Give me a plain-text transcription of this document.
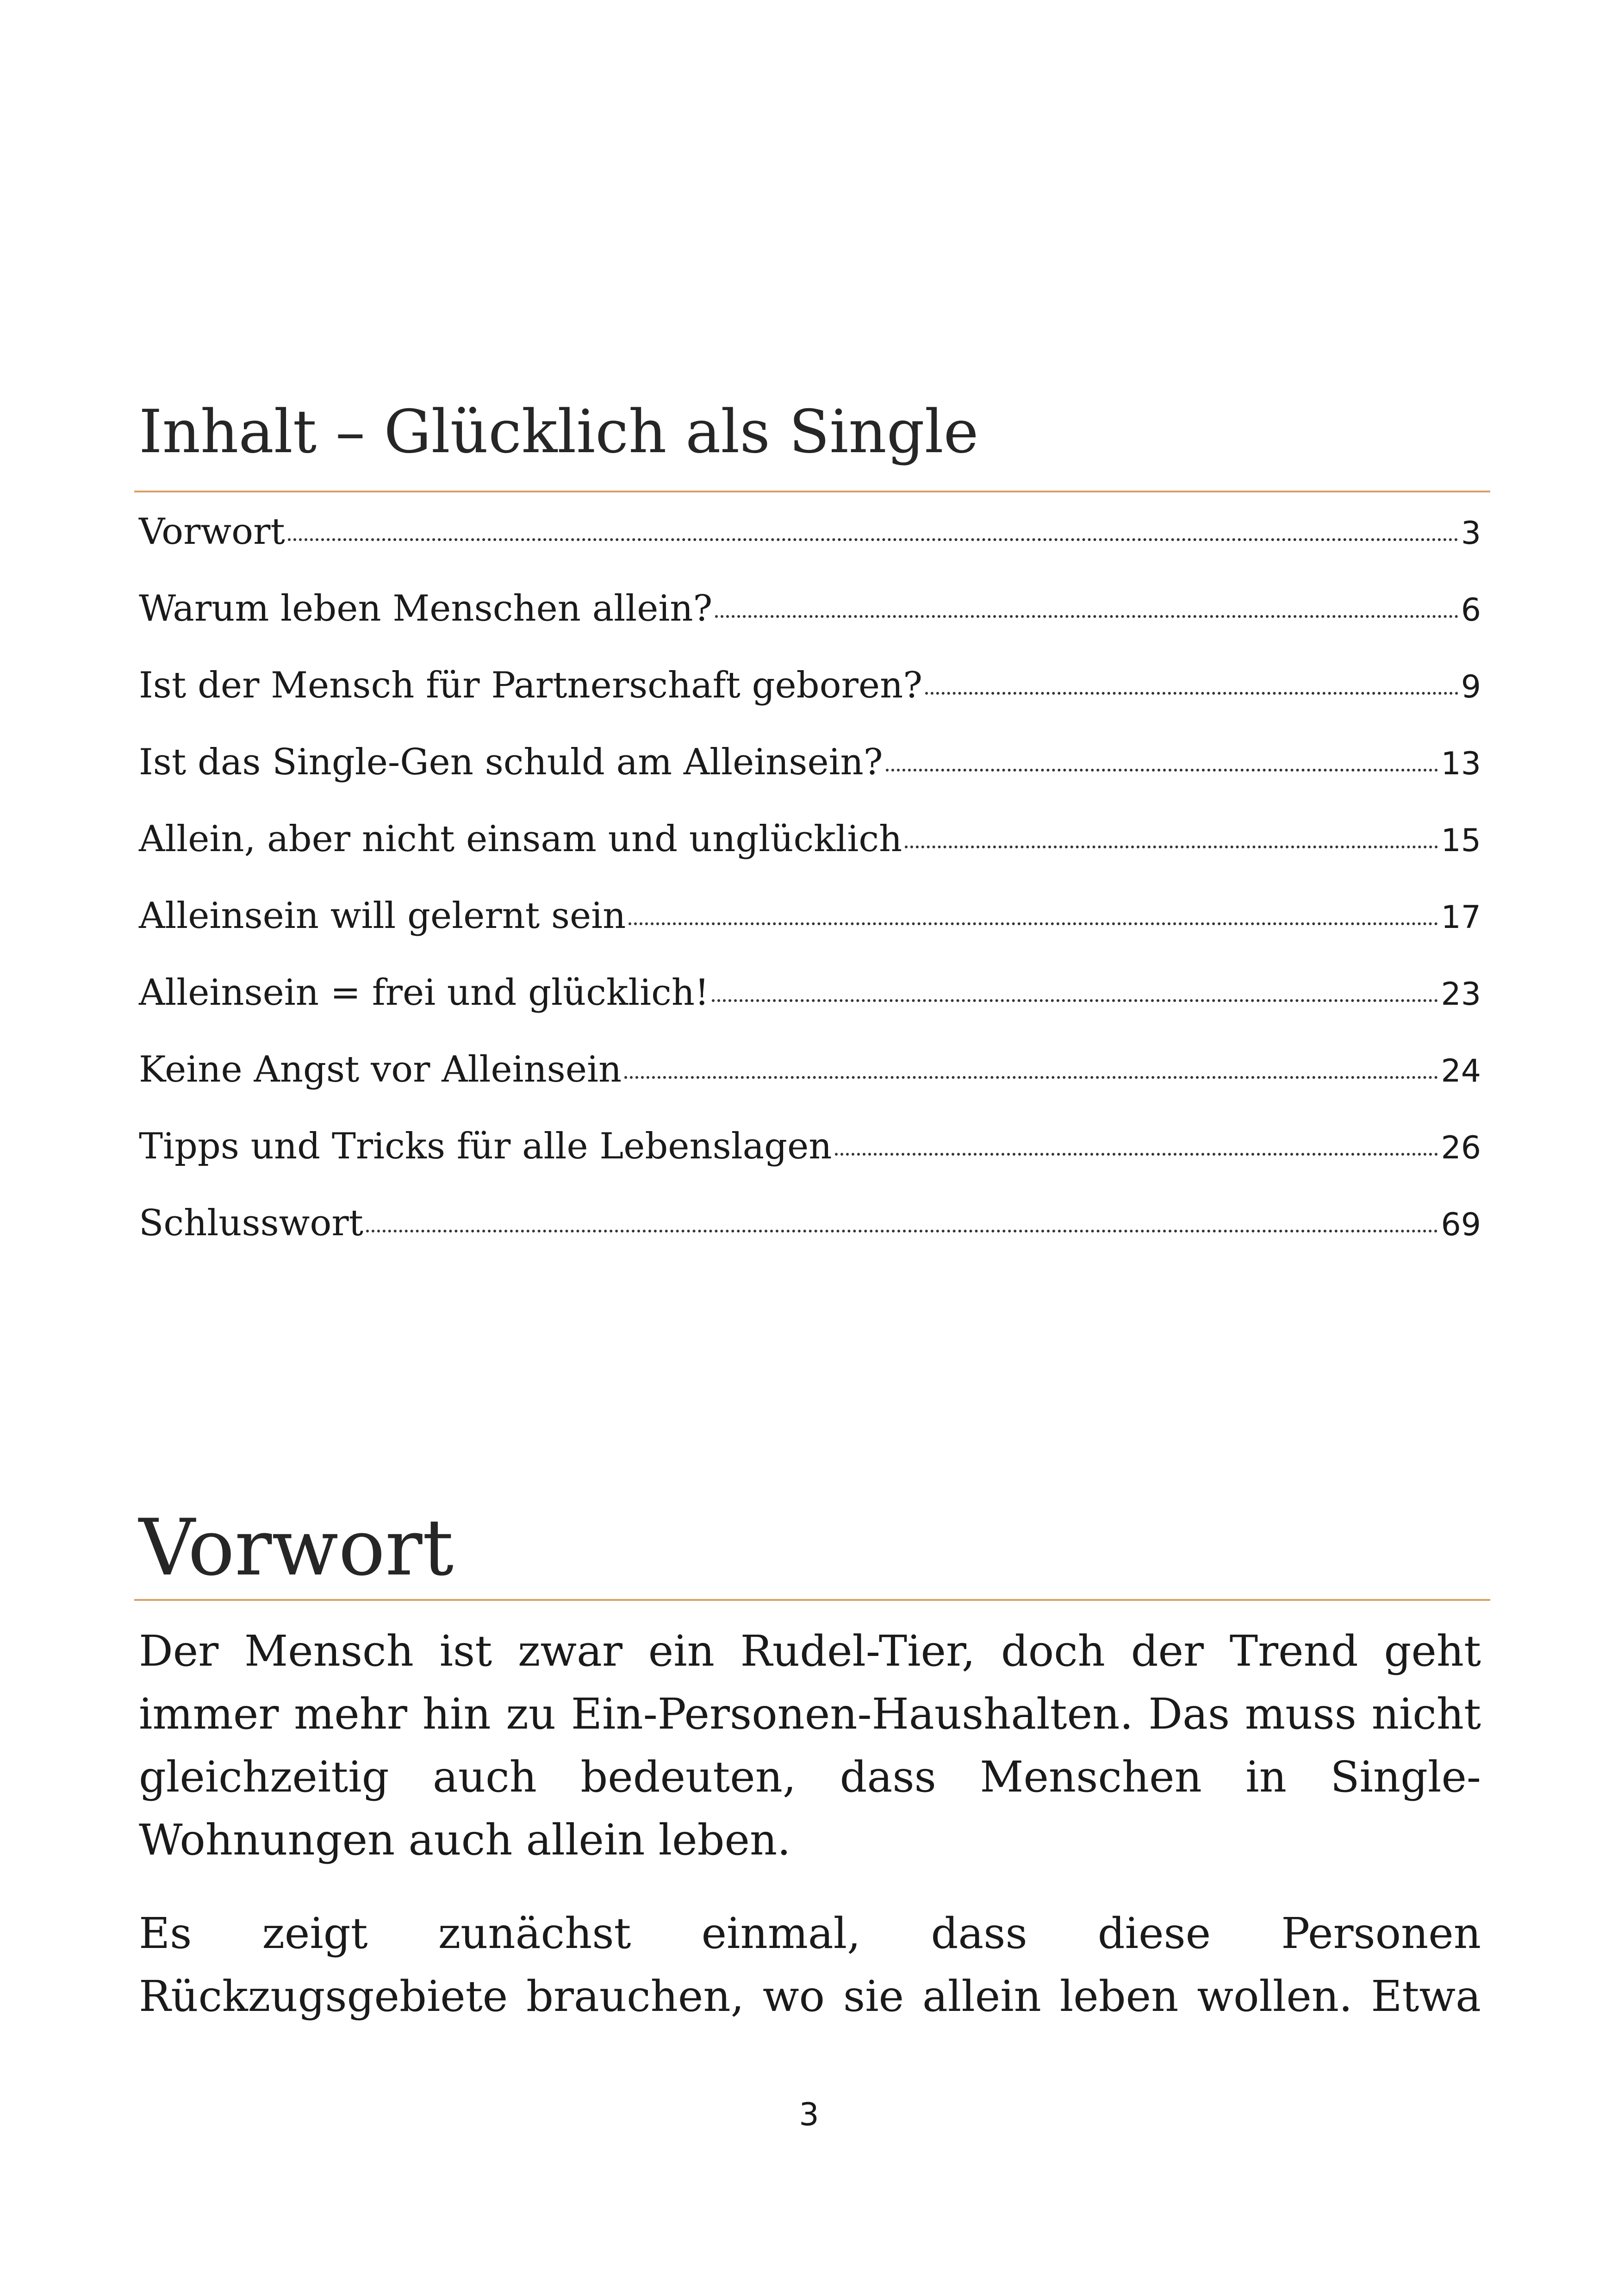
Inhalt – Glücklich als Single
Vorwort	3
Warum leben Menschen allein?	6
Ist der Mensch für Partnerschaft geboren?	9
Ist das Single-Gen schuld am Alleinsein?	13
Allein, aber nicht einsam und unglücklich	15
Alleinsein will gelernt sein	17
Alleinsein = frei und glücklich!	23
Keine Angst vor Alleinsein	24
Tipps und Tricks für alle Lebenslagen	26
Schlusswort	69
Vorwort

Der Mensch ist zwar ein Rudel-Tier, doch der Trend geht immer mehr hin zu Ein-Personen-Haushalten. Das muss nicht gleichzeitig auch bedeuten, dass Menschen in Single-Wohnungen auch allein leben.

Es zeigt zunächst einmal, dass diese Personen Rückzugsgebiete brauchen, wo sie allein leben wollen. Etwa

3
